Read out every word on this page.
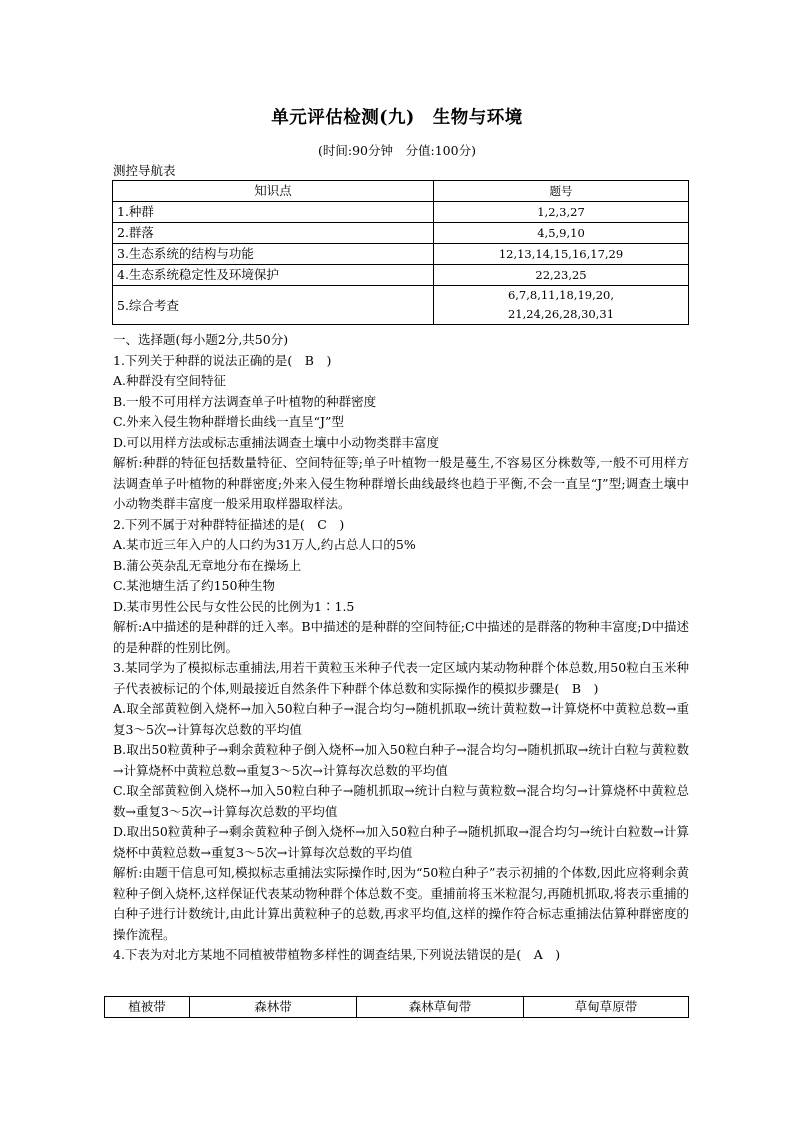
单元评估检测(九)　生物与环境
(时间:90分钟　分值:100分)
测控导航表
知识点	题号
1.种群	1,2,3,27
2.群落	4,5,9,10
3.生态系统的结构与功能	12,13,14,15,16,17,29
4.生态系统稳定性及环境保护	22,23,25
5.综合考查	6,7,8,11,18,19,20,
21,24,26,28,30,31

一、选择题(每小题2分,共50分)

1.下列关于种群的说法正确的是(　B　)

A.种群没有空间特征

B.一般不可用样方法调查单子叶植物的种群密度

C.外来入侵生物种群增长曲线一直呈“J”型

D.可以用样方法或标志重捕法调查土壤中小动物类群丰富度

解析:种群的特征包括数量特征、空间特征等;单子叶植物一般是蔓生,不容易区分株数等,一般不可用样方法调查单子叶植物的种群密度;外来入侵生物种群增长曲线最终也趋于平衡,不会一直呈“J”型;调查土壤中小动物类群丰富度一般采用取样器取样法。

2.下列不属于对种群特征描述的是(　C　)

A.某市近三年入户的人口约为31万人,约占总人口的5%

B.蒲公英杂乱无章地分布在操场上

C.某池塘生活了约150种生物

D.某市男性公民与女性公民的比例为1∶1.5

解析:A中描述的是种群的迁入率。B中描述的是种群的空间特征;C中描述的是群落的物种丰富度;D中描述的是种群的性别比例。

3.某同学为了模拟标志重捕法,用若干黄粒玉米种子代表一定区域内某动物种群个体总数,用50粒白玉米种子代表被标记的个体,则最接近自然条件下种群个体总数和实际操作的模拟步骤是(　B　)

A.取全部黄粒倒入烧杯→加入50粒白种子→混合均匀→随机抓取→统计黄粒数→计算烧杯中黄粒总数→重复3～5次→计算每次总数的平均值

B.取出50粒黄种子→剩余黄粒种子倒入烧杯→加入50粒白种子→混合均匀→随机抓取→统计白粒与黄粒数→计算烧杯中黄粒总数→重复3～5次→计算每次总数的平均值

C.取全部黄粒倒入烧杯→加入50粒白种子→随机抓取→统计白粒与黄粒数→混合均匀→计算烧杯中黄粒总数→重复3～5次→计算每次总数的平均值

D.取出50粒黄种子→剩余黄粒种子倒入烧杯→加入50粒白种子→随机抓取→混合均匀→统计白粒数→计算烧杯中黄粒总数→重复3～5次→计算每次总数的平均值

解析:由题干信息可知,模拟标志重捕法实际操作时,因为“50粒白种子”表示初捕的个体数,因此应将剩余黄粒种子倒入烧杯,这样保证代表某动物种群个体总数不变。重捕前将玉米粒混匀,再随机抓取,将表示重捕的白种子进行计数统计,由此计算出黄粒种子的总数,再求平均值,这样的操作符合标志重捕法估算种群密度的操作流程。

4.下表为对北方某地不同植被带植物多样性的调查结果,下列说法错误的是(　A　)

植被带	森林带	森林草甸带	草甸草原带
